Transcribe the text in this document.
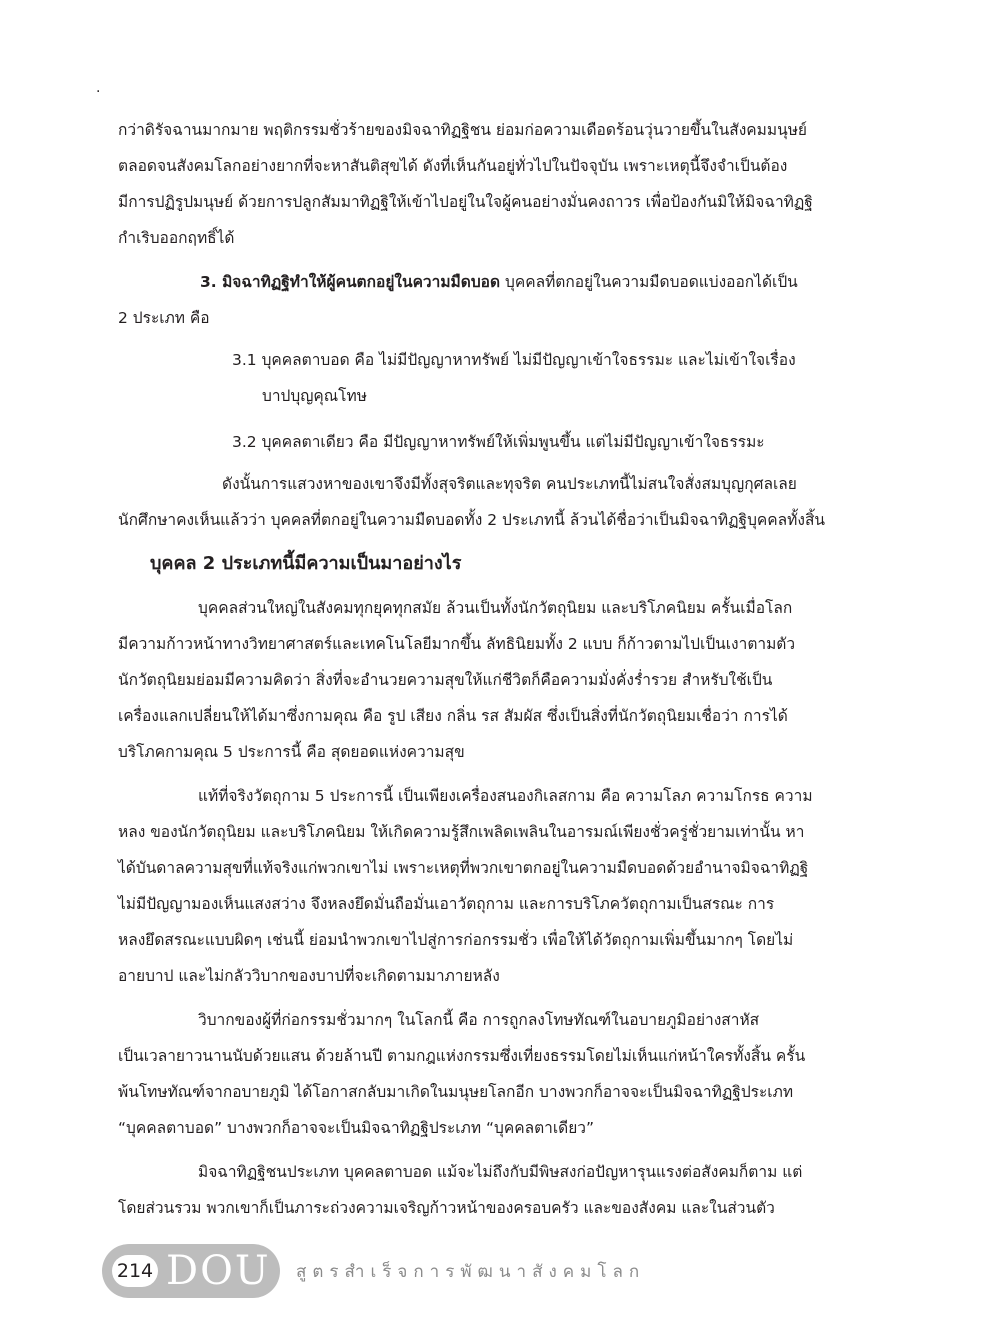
.
กว่าดิรัจฉานมากมาย พฤติกรรมชั่วร้ายของมิจฉาทิฏฐิชน ย่อมก่อความเดือดร้อนวุ่นวายขึ้นในสังคมมนุษย์
ตลอดจนสังคมโลกอย่างยากที่จะหาสันติสุขได้ ดังที่เห็นกันอยู่ทั่วไปในปัจจุบัน เพราะเหตุนี้จึงจำเป็นต้อง
มีการปฏิรูปมนุษย์ ด้วยการปลูกสัมมาทิฏฐิให้เข้าไปอยู่ในใจผู้คนอย่างมั่นคงถาวร เพื่อป้องกันมิให้มิจฉาทิฏฐิ
กำเริบออกฤทธิ์ได้
3. มิจฉาทิฏฐิทำให้ผู้คนตกอยู่ในความมืดบอด บุคคลที่ตกอยู่ในความมืดบอดแบ่งออกได้เป็น
2 ประเภท คือ
3.1 บุคคลตาบอด คือ ไม่มีปัญญาหาทรัพย์ ไม่มีปัญญาเข้าใจธรรมะ และไม่เข้าใจเรื่อง
บาปบุญคุณโทษ
3.2 บุคคลตาเดียว คือ มีปัญญาหาทรัพย์ให้เพิ่มพูนขึ้น แต่ไม่มีปัญญาเข้าใจธรรมะ
ดังนั้นการแสวงหาของเขาจึงมีทั้งสุจริตและทุจริต คนประเภทนี้ไม่สนใจสั่งสมบุญกุศลเลย
นักศึกษาคงเห็นแล้วว่า บุคคลที่ตกอยู่ในความมืดบอดทั้ง 2 ประเภทนี้ ล้วนได้ชื่อว่าเป็นมิจฉาทิฏฐิบุคคลทั้งสิ้น
บุคคล 2 ประเภทนี้มีความเป็นมาอย่างไร
บุคคลส่วนใหญ่ในสังคมทุกยุคทุกสมัย ล้วนเป็นทั้งนักวัตถุนิยม และบริโภคนิยม ครั้นเมื่อโลก
มีความก้าวหน้าทางวิทยาศาสตร์และเทคโนโลยีมากขึ้น ลัทธินิยมทั้ง 2 แบบ ก็ก้าวตามไปเป็นเงาตามตัว
นักวัตถุนิยมย่อมมีความคิดว่า สิ่งที่จะอำนวยความสุขให้แก่ชีวิตก็คือความมั่งคั่งร่ำรวย สำหรับใช้เป็น
เครื่องแลกเปลี่ยนให้ได้มาซึ่งกามคุณ คือ รูป เสียง กลิ่น รส สัมผัส ซึ่งเป็นสิ่งที่นักวัตถุนิยมเชื่อว่า การได้
บริโภคกามคุณ 5 ประการนี้ คือ สุดยอดแห่งความสุข
แท้ที่จริงวัตถุกาม 5 ประการนี้ เป็นเพียงเครื่องสนองกิเลสกาม คือ ความโลภ ความโกรธ ความ
หลง ของนักวัตถุนิยม และบริโภคนิยม ให้เกิดความรู้สึกเพลิดเพลินในอารมณ์เพียงชั่วครู่ชั่วยามเท่านั้น หา
ได้บันดาลความสุขที่แท้จริงแก่พวกเขาไม่ เพราะเหตุที่พวกเขาตกอยู่ในความมืดบอดด้วยอำนาจมิจฉาทิฏฐิ
ไม่มีปัญญามองเห็นแสงสว่าง จึงหลงยึดมั่นถือมั่นเอาวัตถุกาม และการบริโภควัตถุกามเป็นสรณะ การ
หลงยึดสรณะแบบผิดๆ เช่นนี้ ย่อมนำพวกเขาไปสู่การก่อกรรมชั่ว เพื่อให้ได้วัตถุกามเพิ่มขึ้นมากๆ โดยไม่
อายบาป และไม่กลัววิบากของบาปที่จะเกิดตามมาภายหลัง
วิบากของผู้ที่ก่อกรรมชั่วมากๆ ในโลกนี้ คือ การถูกลงโทษทัณฑ์ในอบายภูมิอย่างสาหัส
เป็นเวลายาวนานนับด้วยแสน ด้วยล้านปี ตามกฎแห่งกรรมซึ่งเที่ยงธรรมโดยไม่เห็นแก่หน้าใครทั้งสิ้น ครั้น
พ้นโทษทัณฑ์จากอบายภูมิ ได้โอกาสกลับมาเกิดในมนุษยโลกอีก บางพวกก็อาจจะเป็นมิจฉาทิฏฐิประเภท
“บุคคลตาบอด” บางพวกก็อาจจะเป็นมิจฉาทิฏฐิประเภท “บุคคลตาเดียว”
มิจฉาทิฏฐิชนประเภท บุคคลตาบอด แม้จะไม่ถึงกับมีพิษสงก่อปัญหารุนแรงต่อสังคมก็ตาม แต่
โดยส่วนรวม พวกเขาก็เป็นภาระถ่วงความเจริญก้าวหน้าของครอบครัว และของสังคม และในส่วนตัว
214 DOU สูตรสำเร็จการพัฒนาสังคมโลก
